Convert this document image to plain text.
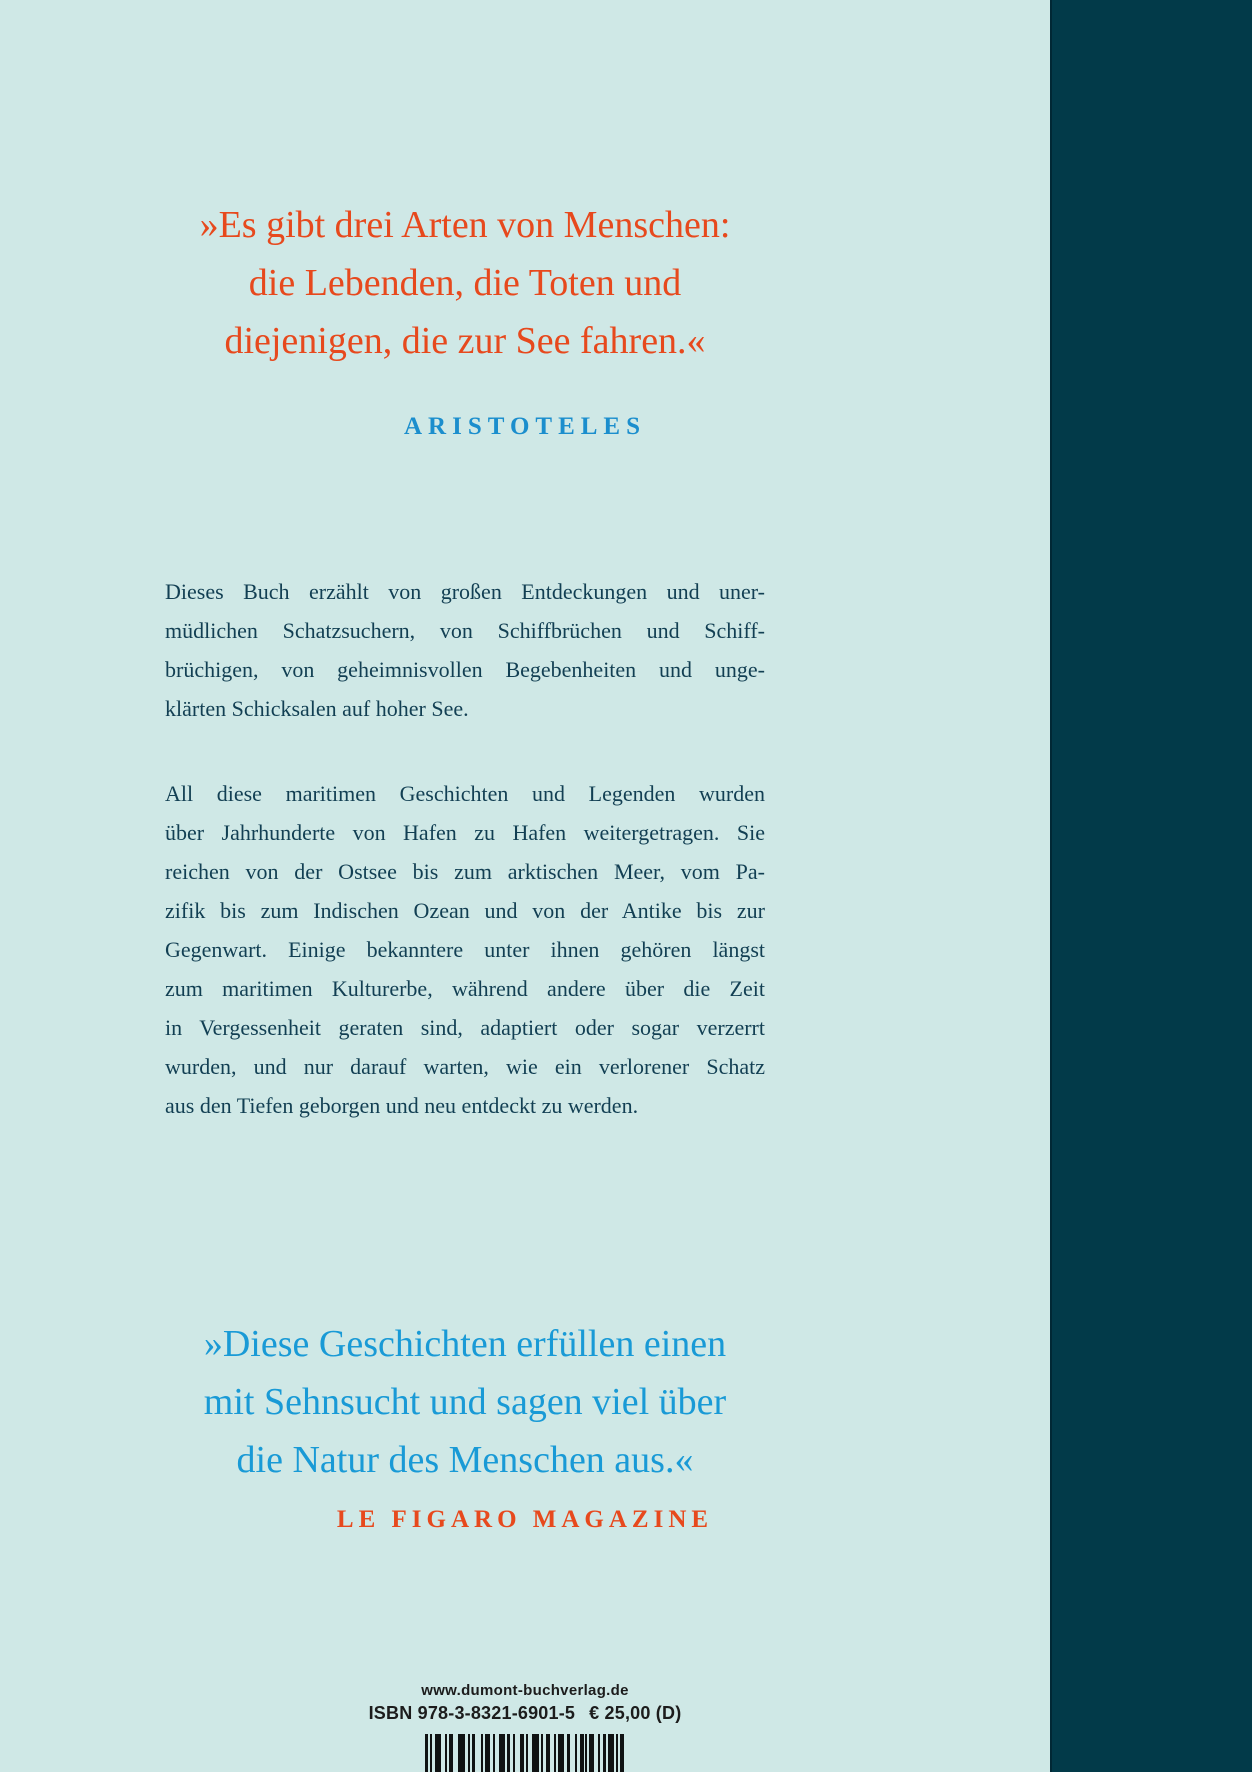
»Es gibt drei Arten von Menschen:
die Lebenden, die Toten und
diejenigen, die zur See fahren.«
ARISTOTELES
Dieses Buch erzählt von großen Entdeckungen und uner-
müdlichen Schatzsuchern, von Schiffbrüchen und Schiff-
brüchigen, von geheimnisvollen Begebenheiten und unge-
klärten Schicksalen auf hoher See.
All diese maritimen Geschichten und Legenden wurden
über Jahrhunderte von Hafen zu Hafen weitergetragen. Sie
reichen von der Ostsee bis zum arktischen Meer, vom Pa-
zifik bis zum Indischen Ozean und von der Antike bis zur
Gegenwart. Einige bekanntere unter ihnen gehören längst
zum maritimen Kulturerbe, während andere über die Zeit
in Vergessenheit geraten sind, adaptiert oder sogar verzerrt
wurden, und nur darauf warten, wie ein verlorener Schatz
aus den Tiefen geborgen und neu entdeckt zu werden.
»Diese Geschichten erfüllen einen
mit Sehnsucht und sagen viel über
die Natur des Menschen aus.«
LE FIGARO MAGAZINE
www.dumont-buchverlag.de
ISBN 978-3-8321-6901-5 € 25,00 (D)
